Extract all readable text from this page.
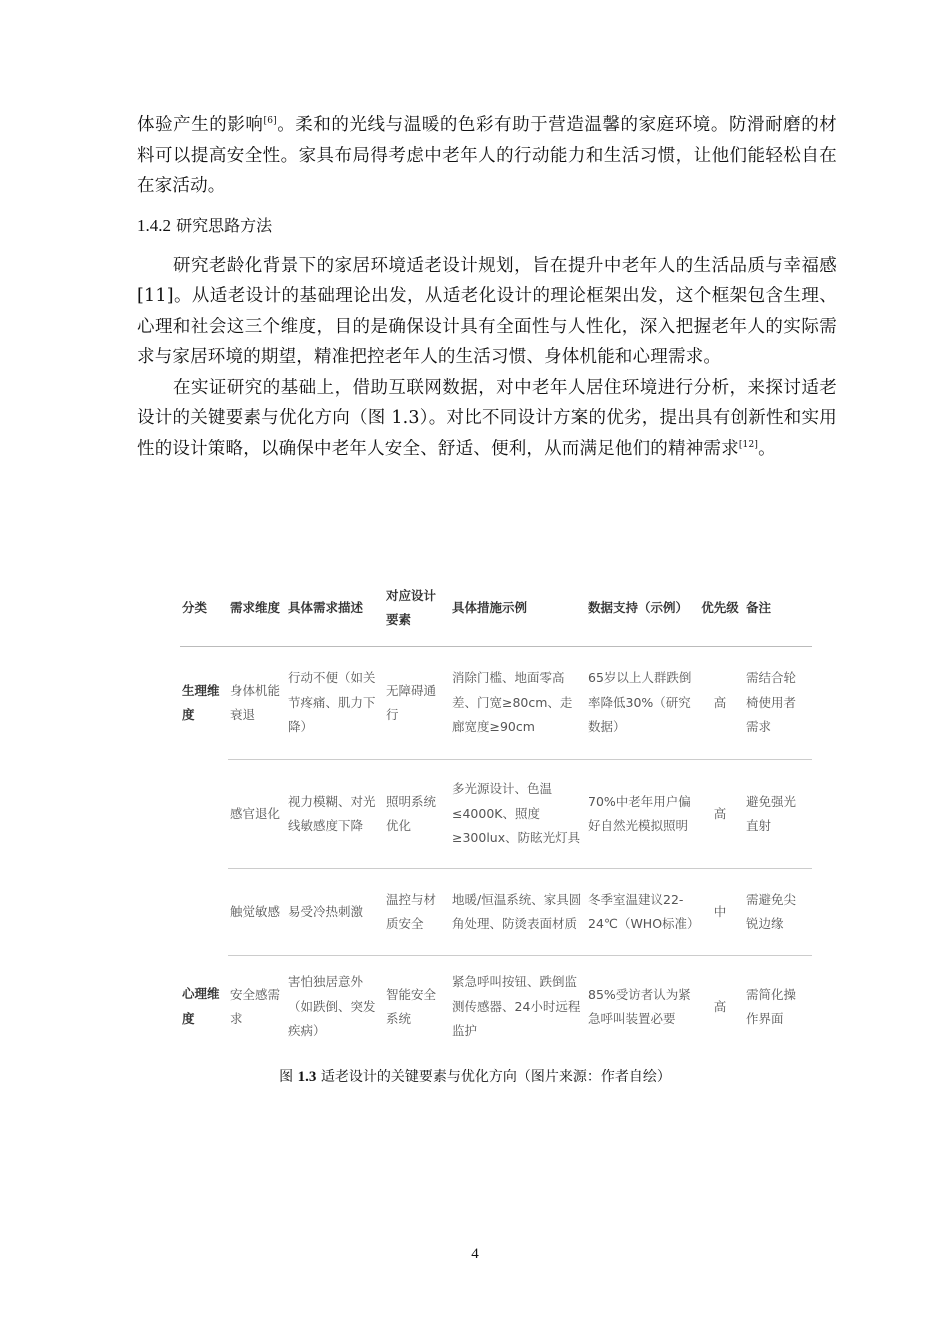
体验产生的影响[6]。柔和的光线与温暖的色彩有助于营造温馨的家庭环境。防滑耐磨的材料可以提高安全性。家具布局得考虑中老年人的行动能力和生活习惯，让他们能轻松自在在家活动。

1.4.2 研究思路方法

研究老龄化背景下的家居环境适老设计规划，旨在提升中老年人的生活品质与幸福感[11]。从适老设计的基础理论出发，从适老化设计的理论框架出发，这个框架包含生理、心理和社会这三个维度，目的是确保设计具有全面性与人性化，深入把握老年人的实际需求与家居环境的期望，精准把控老年人的生活习惯、身体机能和心理需求。

在实证研究的基础上，借助互联网数据，对中老年人居住环境进行分析，来探讨适老设计的关键要素与优化方向（图 1.3）。对比不同设计方案的优劣，提出具有创新性和实用性的设计策略，以确保中老年人安全、舒适、便利，从而满足他们的精神需求[12]。

分类	需求维度	具体需求描述	对应设计要素	具体措施示例	数据支持（示例）	优先级	备注
生理维度	身体机能衰退	行动不便（如关节疼痛、肌力下降）	无障碍通行	消除门槛、地面零高差、门宽≥80cm、走廊宽度≥90cm	65岁以上人群跌倒率降低30%（研究数据）	高	需结合轮椅使用者需求
	感官退化	视力模糊、对光线敏感度下降	照明系统优化	多光源设计、色温≤4000K、照度≥300lux、防眩光灯具	70%中老年用户偏好自然光模拟照明	高	避免强光直射
	触觉敏感	易受冷热刺激	温控与材质安全	地暖/恒温系统、家具圆角处理、防烫表面材质	冬季室温建议22-24℃（WHO标准）	中	需避免尖锐边缘
心理维度	安全感需求	害怕独居意外（如跌倒、突发疾病）	智能安全系统	紧急呼叫按钮、跌倒监测传感器、24小时远程监护	85%受访者认为紧急呼叫装置必要	高	需简化操作界面
图 1.3 适老设计的关键要素与优化方向（图片来源：作者自绘）
4
